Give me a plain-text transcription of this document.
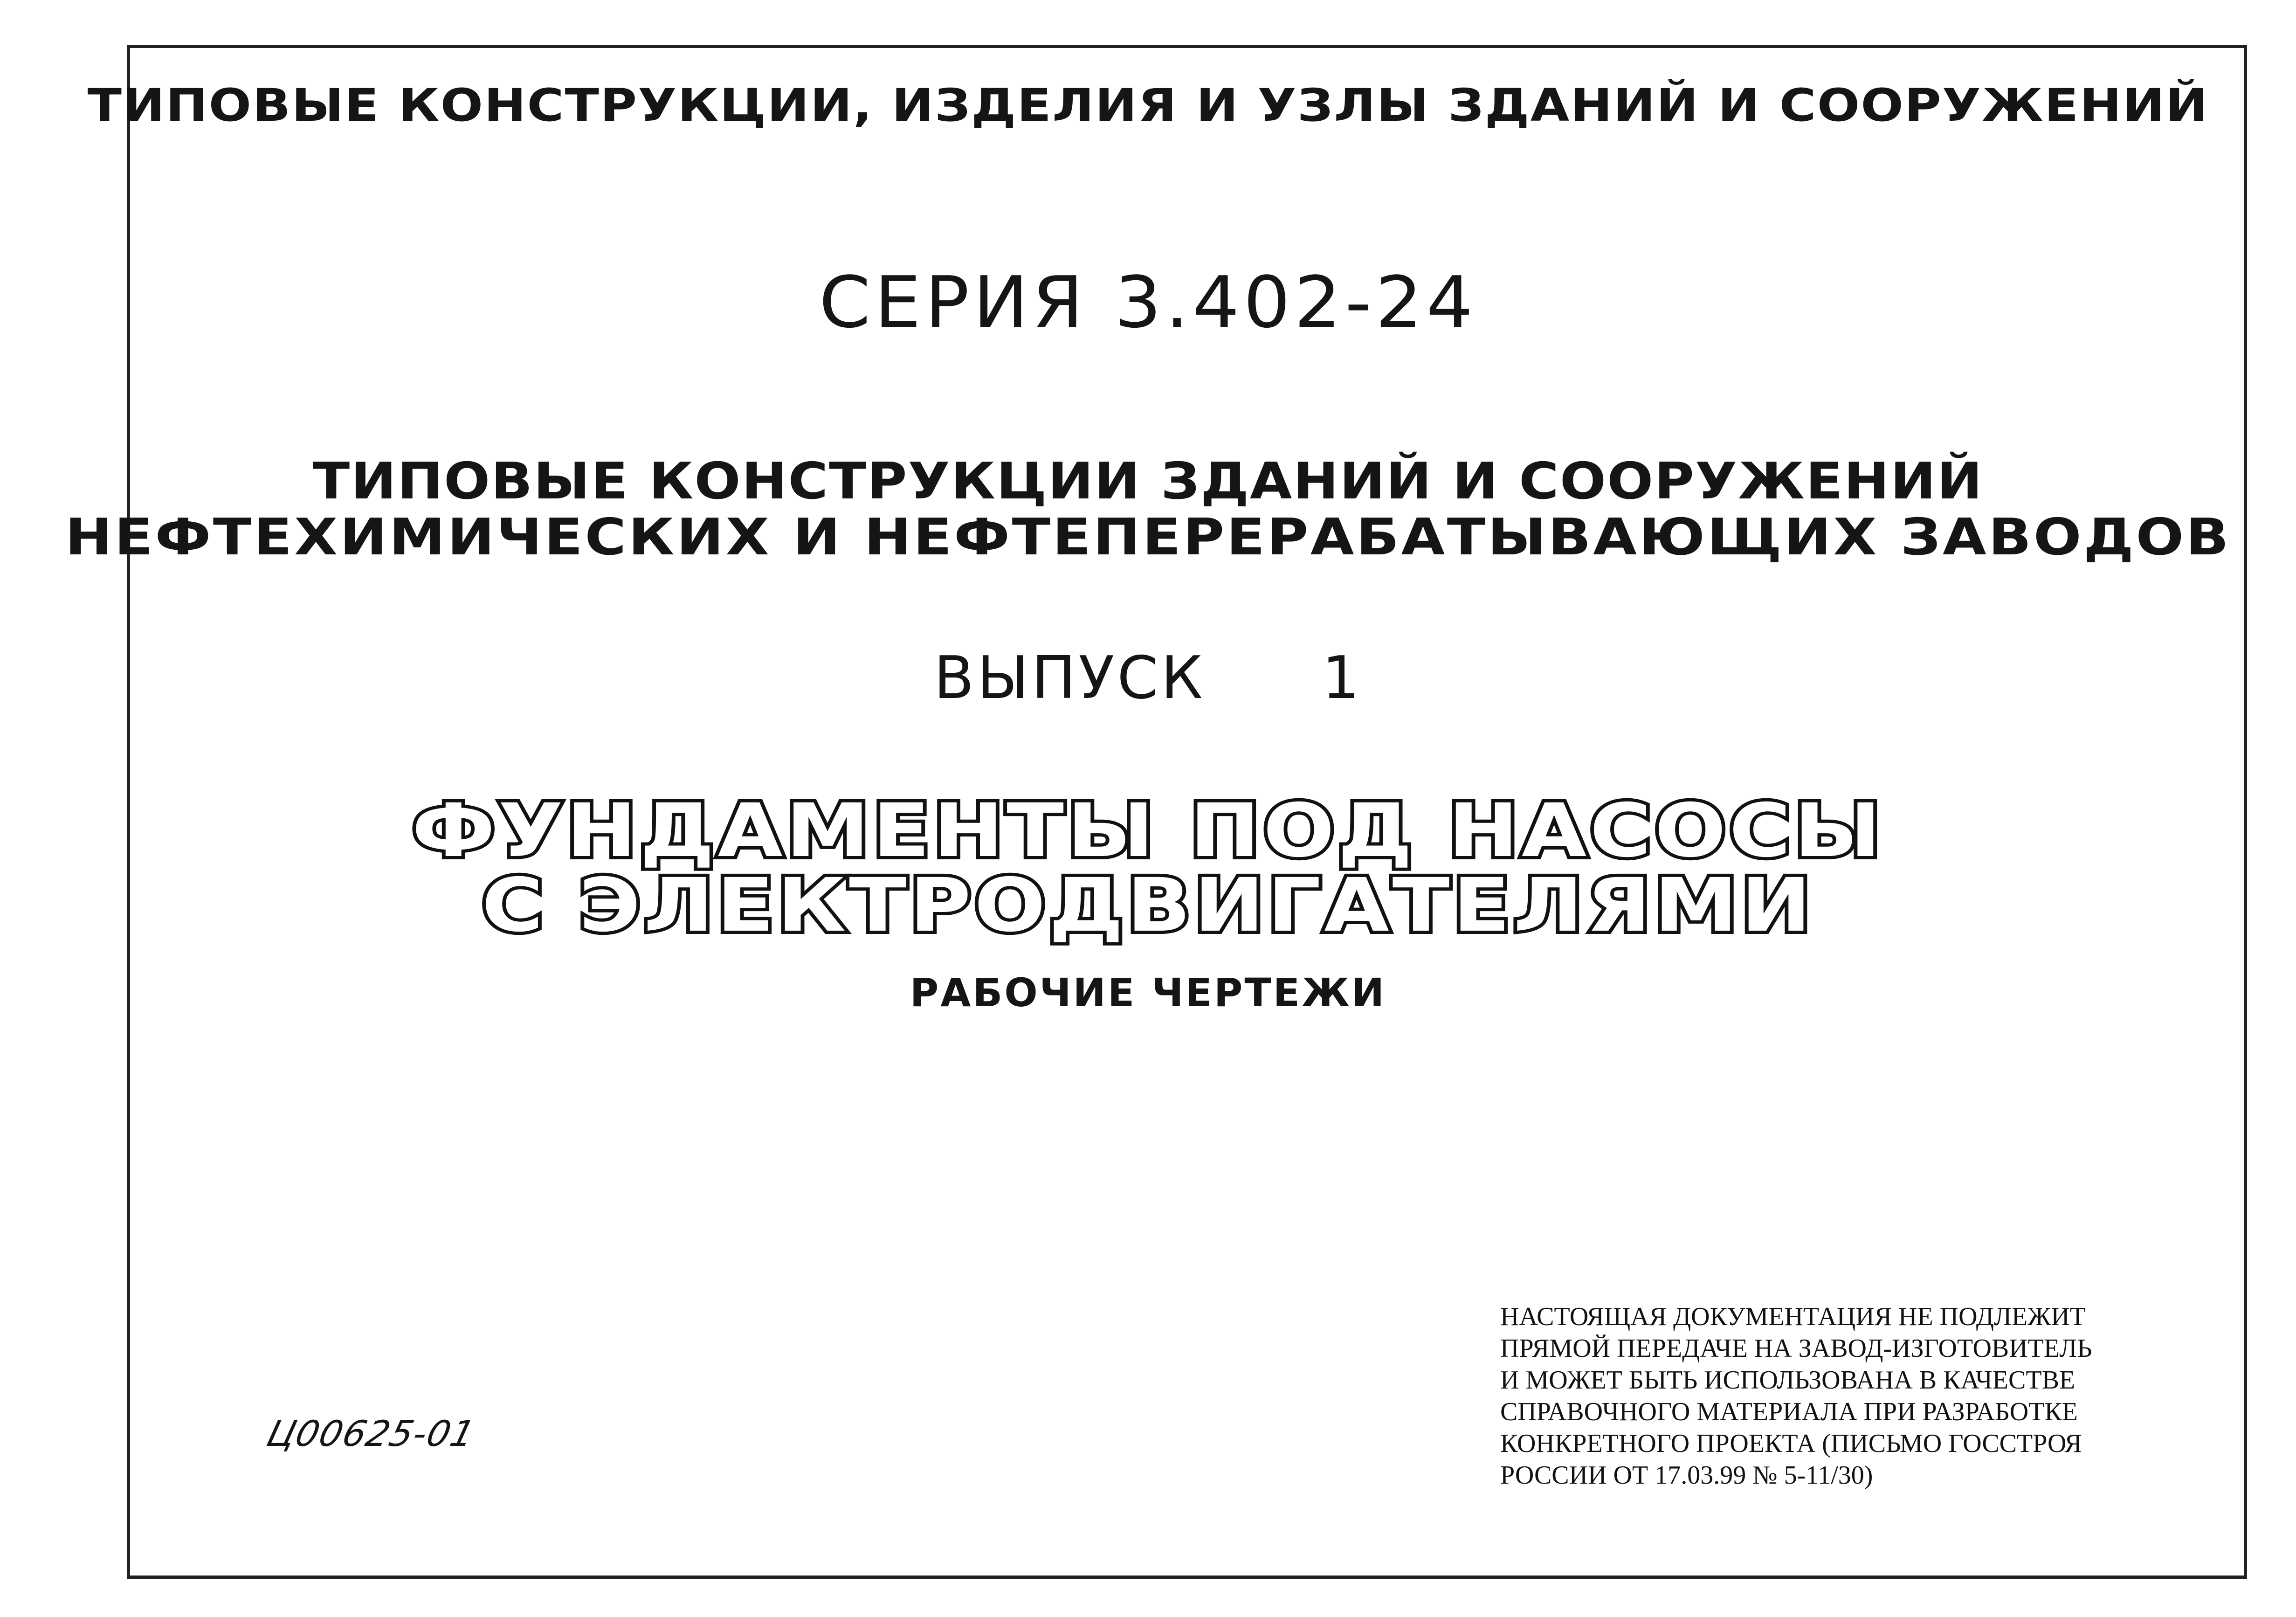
ТИПОВЫЕ КОНСТРУКЦИИ, ИЗДЕЛИЯ И УЗЛЫ ЗДАНИЙ И СООРУЖЕНИЙ
СЕРИЯ 3.402-24
ТИПОВЫЕ КОНСТРУКЦИИ ЗДАНИЙ И СООРУЖЕНИЙ
НЕФТЕХИМИЧЕСКИХ И НЕФТЕПЕРЕРАБАТЫВАЮЩИХ ЗАВОДОВ
ВЫПУСК 1
ФУНДАМЕНТЫ ПОД НАСОСЫ
С ЭЛЕКТРОДВИГАТЕЛЯМИ
РАБОЧИЕ ЧЕРТЕЖИ
Ц00625-01
НАСТОЯЩАЯ ДОКУМЕНТАЦИЯ НЕ ПОДЛЕЖИТ
ПРЯМОЙ ПЕРЕДАЧЕ НА ЗАВОД-ИЗГОТОВИТЕЛЬ
И МОЖЕТ БЫТЬ ИСПОЛЬЗОВАНА В КАЧЕСТВЕ
СПРАВОЧНОГО МАТЕРИАЛА ПРИ РАЗРАБОТКЕ
КОНКРЕТНОГО ПРОЕКТА (ПИСЬМО ГОССТРОЯ
РОССИИ ОТ 17.03.99 № 5-11/30)
